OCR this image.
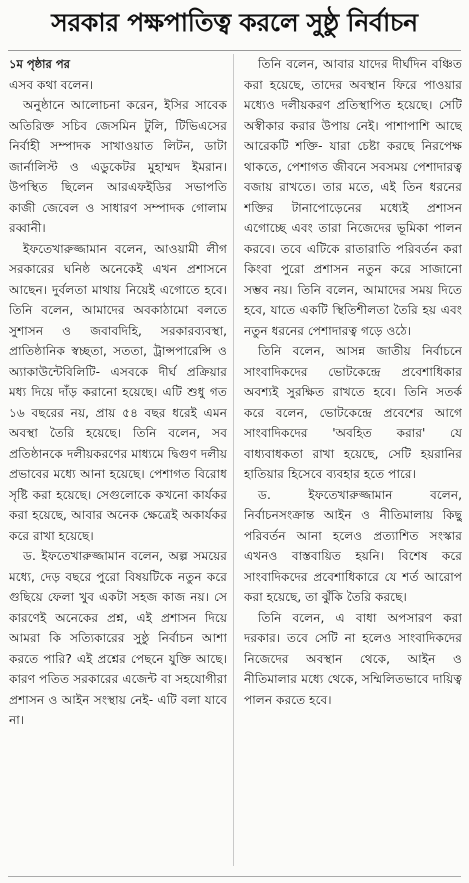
সরকার পক্ষপাতিত্ব করলে সুষ্ঠু নির্বাচন

১ম পৃষ্ঠার পর

এসব কথা বলেন।

অনুষ্ঠানে আলোচনা করেন, ইসির সাবেক অতিরিক্ত সচিব জেসমিন টুলি, টিভিএসের নির্বাহী সম্পাদক সাখাওয়াত লিটন, ডাটা জার্নালিস্ট ও এডুকেটর মুহাম্মদ ইমরান। উপস্থিত ছিলেন আরএফইডির সভাপতি কাজী জেবেল ও সাধারণ সম্পাদক গোলাম রব্বানী।

ইফতেখারুজ্জামান বলেন, আওয়ামী লীগ সরকারের ঘনিষ্ঠ অনেকেই এখন প্রশাসনে আছেন। দুর্বলতা মাথায় নিয়েই এগোতে হবে। তিনি বলেন, আমাদের অবকাঠামো বলতে সুশাসন ও জবাবদিহি, সরকারব্যবস্থা, প্রাতিষ্ঠানিক স্বচ্ছতা, সততা, ট্রান্সপারেন্সি ও অ্যাকাউন্টেবিলিটি- এসবকে দীর্ঘ প্রক্রিয়ার মধ্য দিয়ে দাঁড় করানো হয়েছে। এটি শুধু গত ১৬ বছরের নয়, প্রায় ৫৪ বছর ধরেই এমন অবস্থা তৈরি হয়েছে। তিনি বলেন, সব প্রতিষ্ঠানকে দলীয়করণের মাধ্যমে দ্বিগুণ দলীয় প্রভাবের মধ্যে আনা হয়েছে। পেশাগত বিরোধ সৃষ্টি করা হয়েছে। সেগুলোকে কখনো কার্যকর করা হয়েছে, আবার অনেক ক্ষেত্রেই অকার্যকর করে রাখা হয়েছে।

ড. ইফতেখারুজ্জামান বলেন, অল্প সময়ের মধ্যে, দেড় বছরে পুরো বিষয়টিকে নতুন করে গুছিয়ে ফেলা খুব একটা সহজ কাজ নয়। সে কারণেই অনেকের প্রশ্ন, এই প্রশাসন দিয়ে আমরা কি সত্যিকারের সুষ্ঠু নির্বাচন আশা করতে পারি? এই প্রশ্নের পেছনে যুক্তি আছে। কারণ পতিত সরকারের এজেন্ট বা সহযোগীরা প্রশাসন ও আইন সংস্থায় নেই- এটি বলা যাবে না।

তিনি বলেন, আবার যাদের দীর্ঘদিন বঞ্চিত করা হয়েছে, তাদের অবস্থান ফিরে পাওয়ার মধ্যেও দলীয়করণ প্রতিস্থাপিত হয়েছে। সেটি অস্বীকার করার উপায় নেই। পাশাপাশি আছে আরেকটি শক্তি- যারা চেষ্টা করছে নিরপেক্ষ থাকতে, পেশাগত জীবনে সবসময় পেশাদারত্ব বজায় রাখতে। তার মতে, এই তিন ধরনের শক্তির টানাপোড়েনের মধ্যেই প্রশাসন এগোচ্ছে এবং তারা নিজেদের ভূমিকা পালন করবে। তবে এটিকে রাতারাতি পরিবর্তন করা কিংবা পুরো প্রশাসন নতুন করে সাজানো সম্ভব নয়। তিনি বলেন, আমাদের সময় দিতে হবে, যাতে একটি স্থিতিশীলতা তৈরি হয় এবং নতুন ধরনের পেশাদারত্ব গড়ে ওঠে।

তিনি বলেন, আসন্ন জাতীয় নির্বাচনে সাংবাদিকদের ভোটকেন্দ্রে প্রবেশাধিকার অবশ্যই সুরক্ষিত রাখতে হবে। তিনি সতর্ক করে বলেন, ভোটকেন্দ্রে প্রবেশের আগে সাংবাদিকদের 'অবহিত করার' যে বাধ্যবাধকতা রাখা হয়েছে, সেটি হয়রানির হাতিয়ার হিসেবে ব্যবহার হতে পারে।

ড. ইফতেখারুজ্জামান বলেন, নির্বাচনসংক্রান্ত আইন ও নীতিমালায় কিছু পরিবর্তন আনা হলেও প্রত্যাশিত সংস্কার এখনও বাস্তবায়িত হয়নি। বিশেষ করে সাংবাদিকদের প্রবেশাধিকারে যে শর্ত আরোপ করা হয়েছে, তা ঝুঁকি তৈরি করছে।

তিনি বলেন, এ বাধা অপসারণ করা দরকার। তবে সেটি না হলেও সাংবাদিকদের নিজেদের অবস্থান থেকে, আইন ও নীতিমালার মধ্যে থেকে, সম্মিলিতভাবে দায়িত্ব পালন করতে হবে।
